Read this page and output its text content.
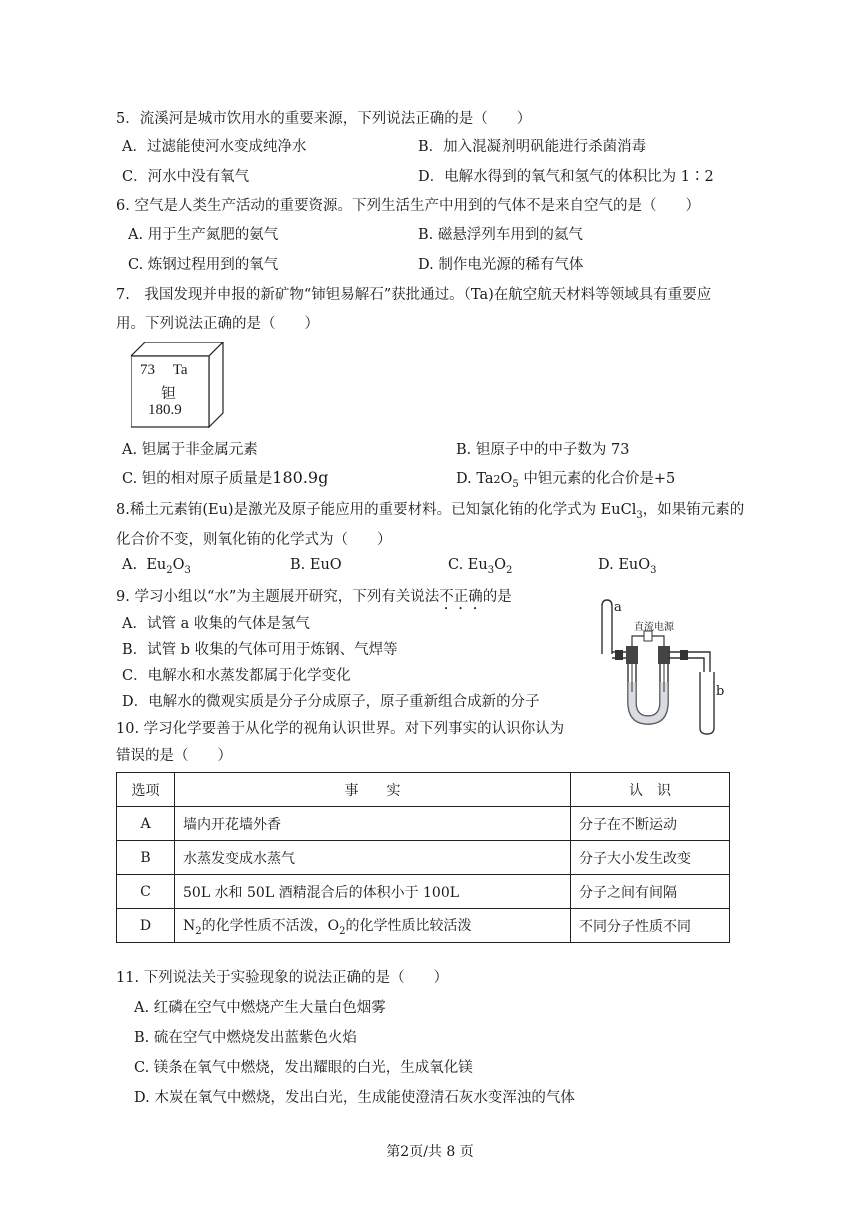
5．流溪河是城市饮用水的重要来源，下列说法正确的是（　　）
A．过滤能使河水变成纯净水	B．加入混凝剂明矾能进行杀菌消毒
C．河水中没有氧气	D．电解水得到的氧气和氢气的体积比为 1∶2
6. 空气是人类生产活动的重要资源。下列生活生产中用到的气体不是来自空气的是（　　）
A. 用于生产氮肥的氨气	B. 磁悬浮列车用到的氦气
C. 炼钢过程用到的氧气	D. 制作电光源的稀有气体
7.　我国发现并申报的新矿物“铈钽易解石”获批通过。（Ta)在航空航天材料等领域具有重要应
用。下列说法正确的是（　　）
73 Ta
钽
180.9
A. 钽属于非金属元素	B. 钽原子中的中子数为 73
C. 钽的相对原子质量是180.9g	D. $Ta2O_5$ 中钽元素的化合价是+5
8.稀土元素铕(Eu)是激光及原子能应用的重要材料。已知氯化铕的化学式为 EuCl$_3$，如果铕元素的
化合价不变，则氧化铕的化学式为（　　）
A. $Eu_2O_3$	B. EuO	C. $Eu_3O_2$	D. EuO$_3$
9. 学习小组以“水”为主题展开研究，下列有关说法不正确的是
A．试管 a 收集的气体是氢气
B．试管 b 收集的气体可用于炼钢、气焊等
C．电解水和水蒸发都属于化学变化
D．电解水的微观实质是分子分成原子，原子重新组合成新的分子
a
直流电源
b
10. 学习化学要善于从化学的视角认识世界。对下列事实的认识你认为
错误的是（　　）
选项	事　　实	认　识
A	墙内开花墙外香	分子在不断运动
B	水蒸发变成水蒸气	分子大小发生改变
C	50L 水和 50L 酒精混合后的体积小于 100L	分子之间有间隔
D	$N_2$的化学性质不活泼，$O_2$的化学性质比较活泼	不同分子性质不同
11. 下列说法关于实验现象的说法正确的是（　　）
A. 红磷在空气中燃烧产生大量白色烟雾
B. 硫在空气中燃烧发出蓝紫色火焰
C. 镁条在氧气中燃烧，发出耀眼的白光，生成氧化镁
D. 木炭在氧气中燃烧，发出白光，生成能使澄清石灰水变浑浊的气体
第2页/共 8 页
